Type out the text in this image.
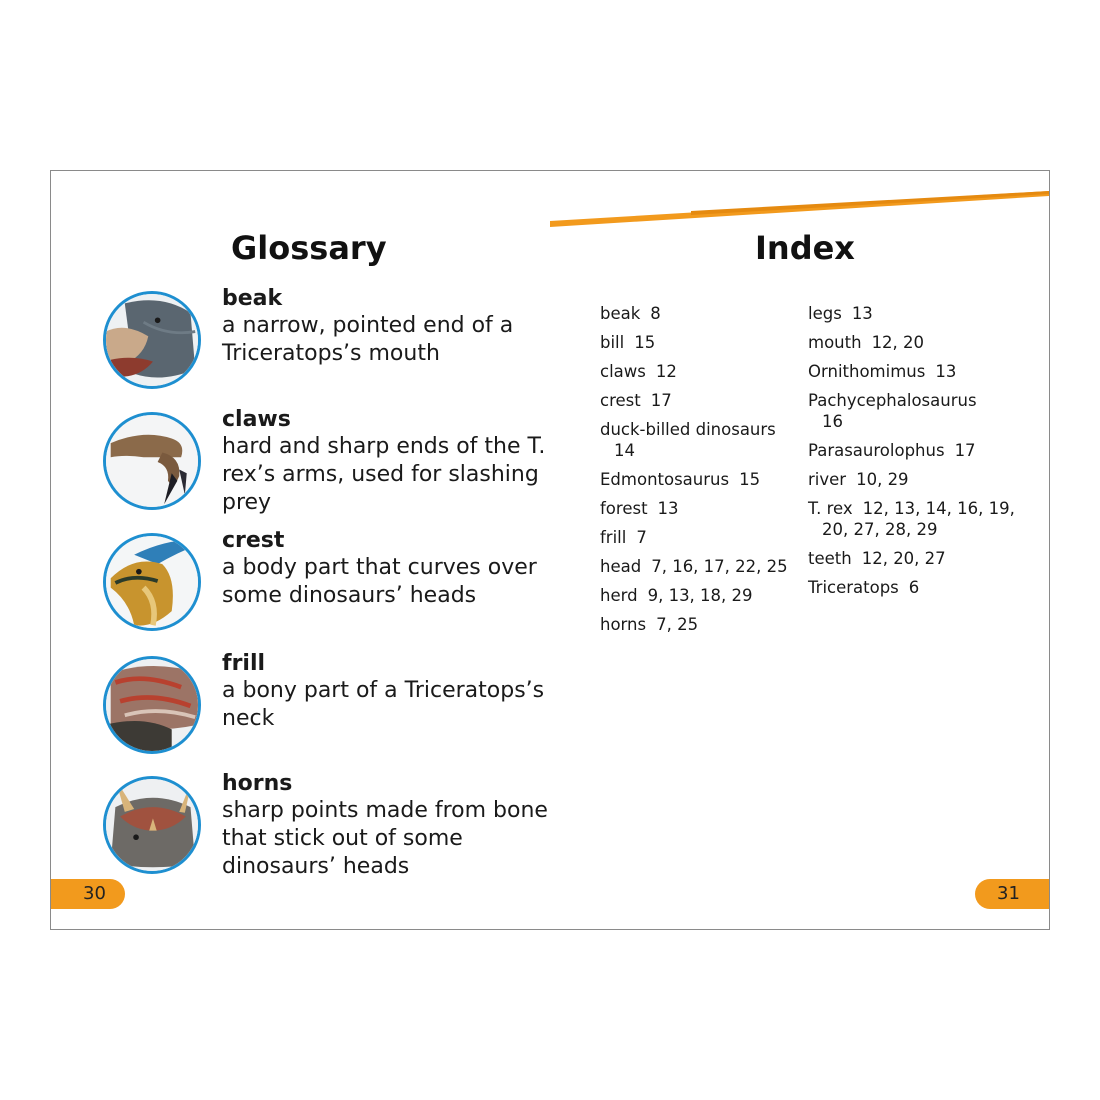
Glossary

beak

a narrow, pointed end of a Triceratops’s mouth

claws

hard and sharp ends of the T. rex’s arms, used for slashing prey

crest

a body part that curves over some dinosaurs’ heads

frill

a bony part of a Triceratops’s neck

horns

sharp points made from bone that stick out of some dinosaurs’ heads

Index
beak 8
bill 15
claws 12
crest 17
duck-billed dinosaurs
14
Edmontosaurus 15
forest 13
frill 7
head 7, 16, 17, 22, 25
herd 9, 13, 18, 29
horns 7, 25
legs 13
mouth 12, 20
Ornithomimus 13
Pachycephalosaurus
16
Parasaurolophus 17
river 10, 29
T. rex 12, 13, 14, 16, 19, 20, 27, 28, 29
teeth 12, 20, 27
Triceratops 6
30	31
